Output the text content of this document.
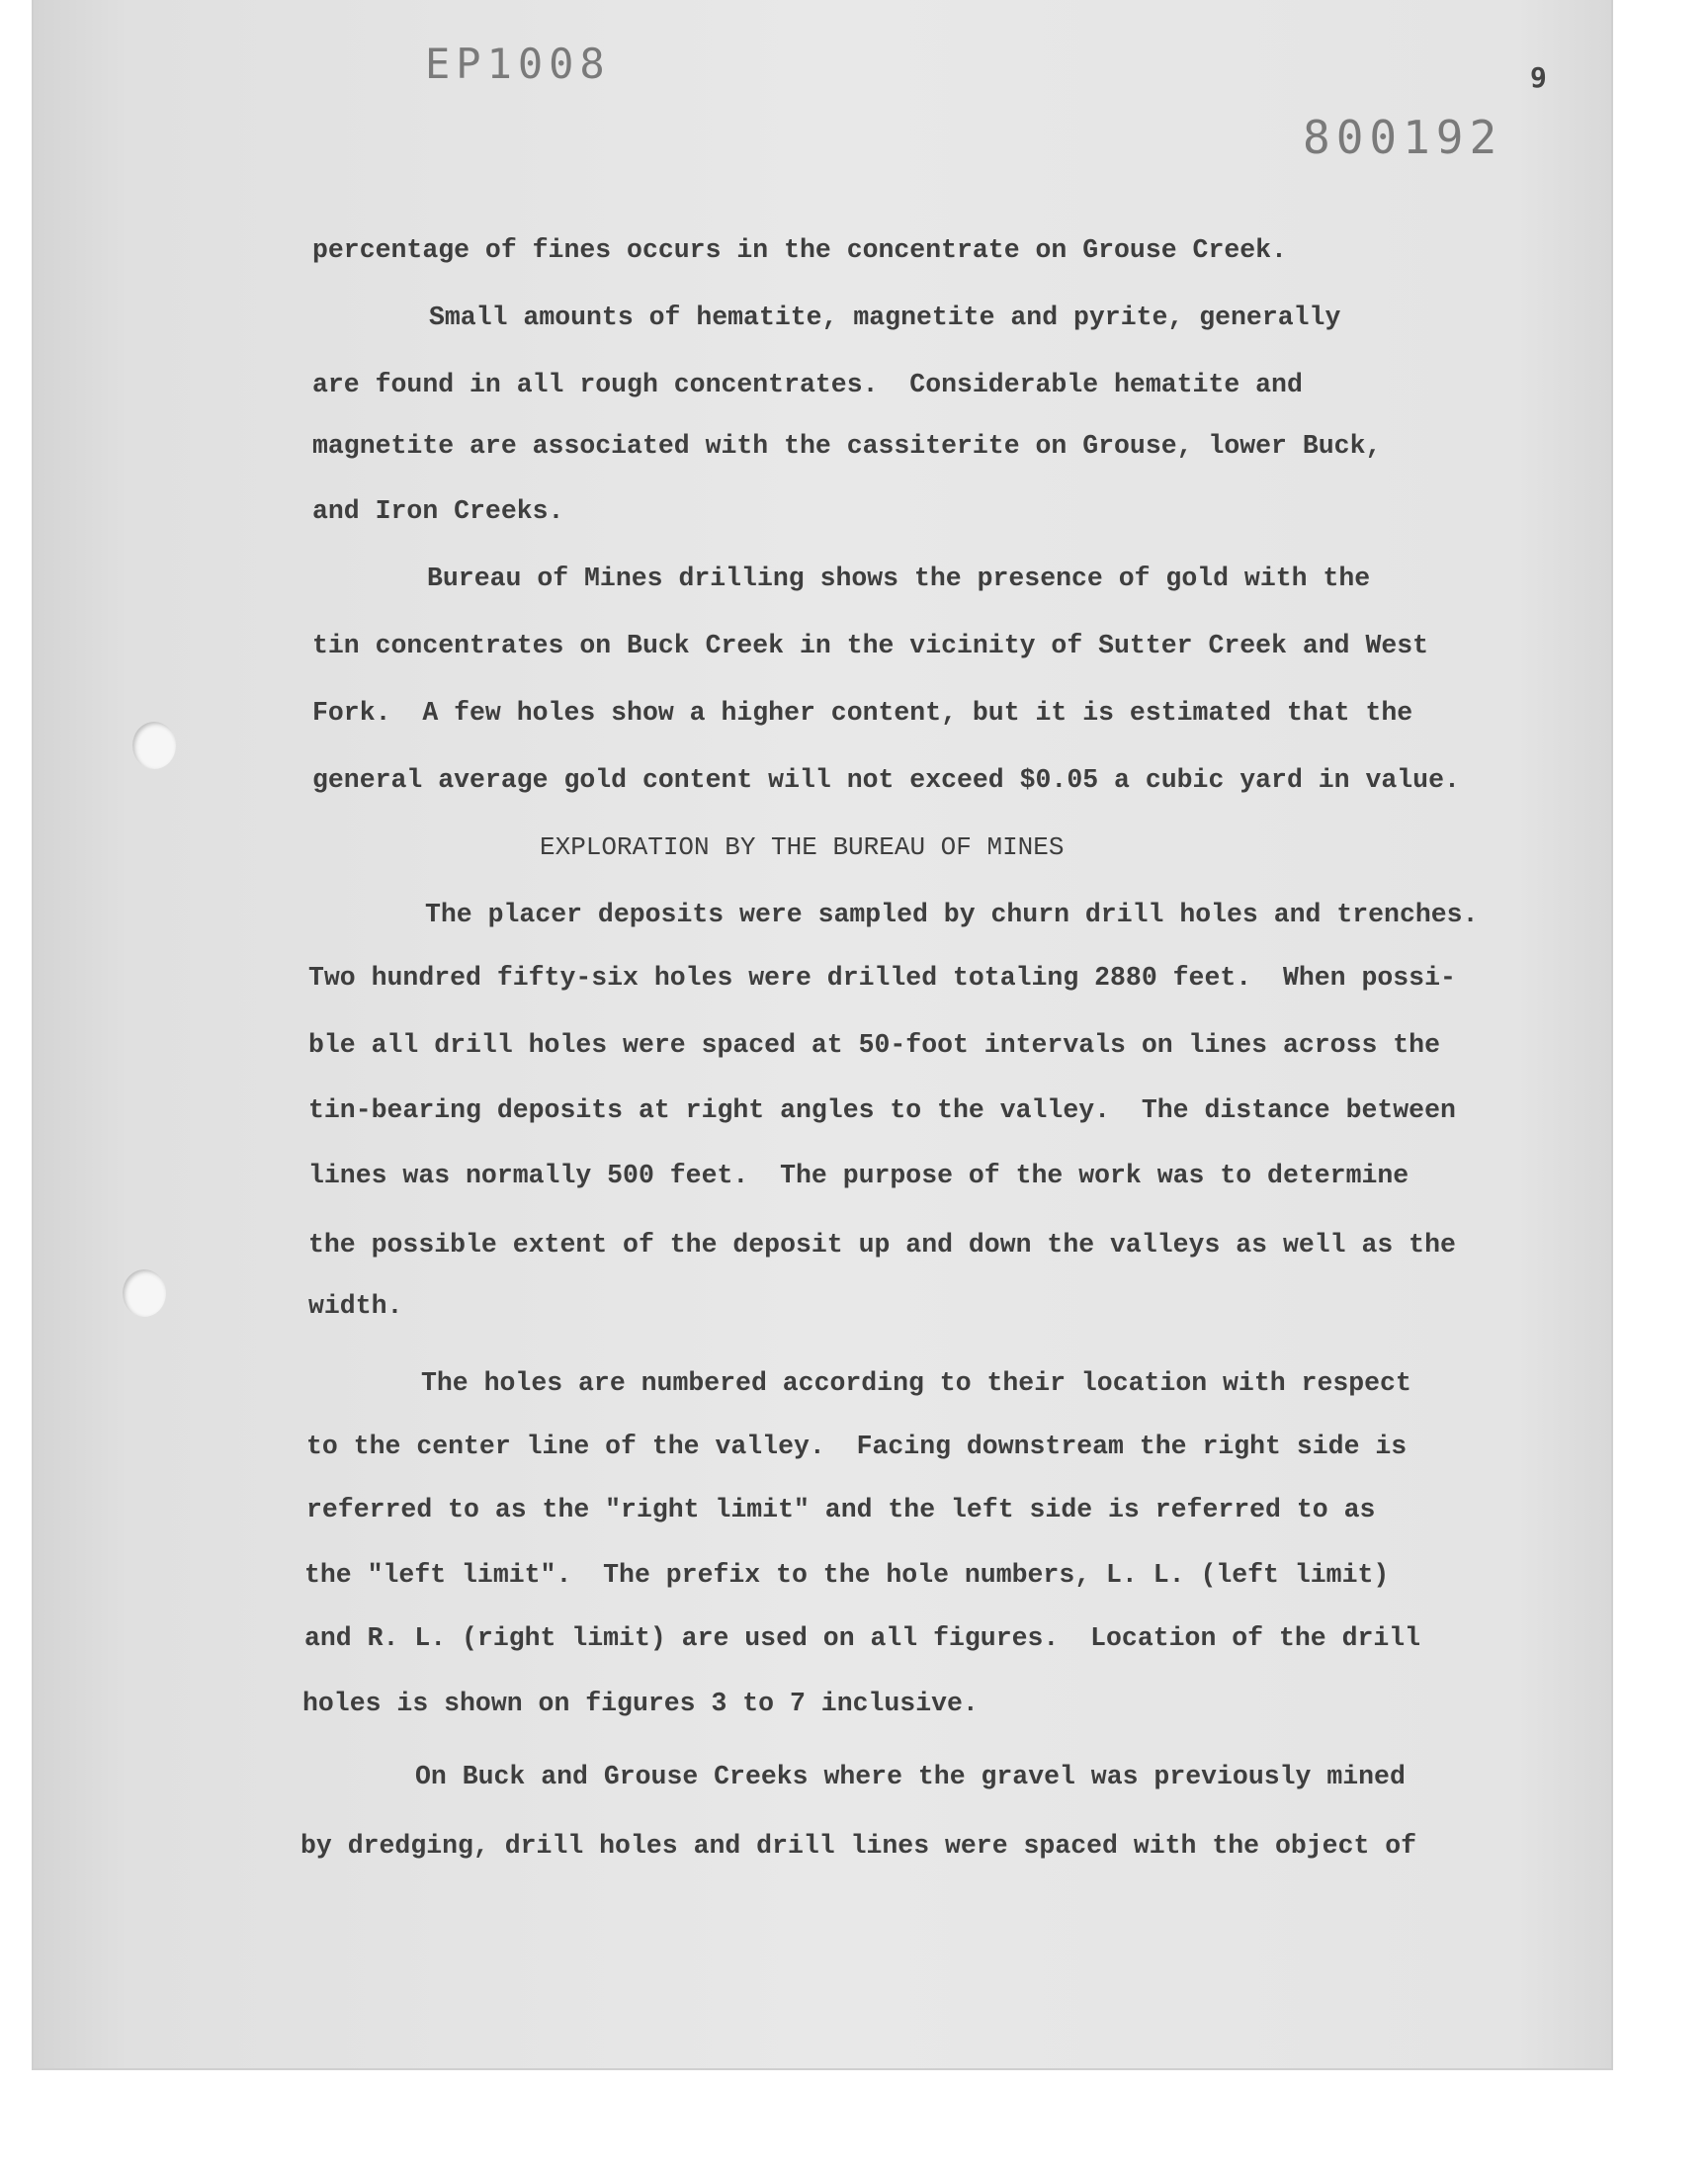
EP1008
800192
9
percentage of fines occurs in the concentrate on Grouse Creek.
Small amounts of hematite, magnetite and pyrite, generally
are found in all rough concentrates.  Considerable hematite and
magnetite are associated with the cassiterite on Grouse, lower Buck,
and Iron Creeks.
Bureau of Mines drilling shows the presence of gold with the
tin concentrates on Buck Creek in the vicinity of Sutter Creek and West
Fork.  A few holes show a higher content, but it is estimated that the
general average gold content will not exceed $0.05 a cubic yard in value.
EXPLORATION BY THE BUREAU OF MINES
The placer deposits were sampled by churn drill holes and trenches.
Two hundred fifty-six holes were drilled totaling 2880 feet.  When possi-
ble all drill holes were spaced at 50-foot intervals on lines across the
tin-bearing deposits at right angles to the valley.  The distance between
lines was normally 500 feet.  The purpose of the work was to determine
the possible extent of the deposit up and down the valleys as well as the
width.
The holes are numbered according to their location with respect
to the center line of the valley.  Facing downstream the right side is
referred to as the "right limit" and the left side is referred to as
the "left limit".  The prefix to the hole numbers, L. L. (left limit)
and R. L. (right limit) are used on all figures.  Location of the drill
holes is shown on figures 3 to 7 inclusive.
On Buck and Grouse Creeks where the gravel was previously mined
by dredging, drill holes and drill lines were spaced with the object of
